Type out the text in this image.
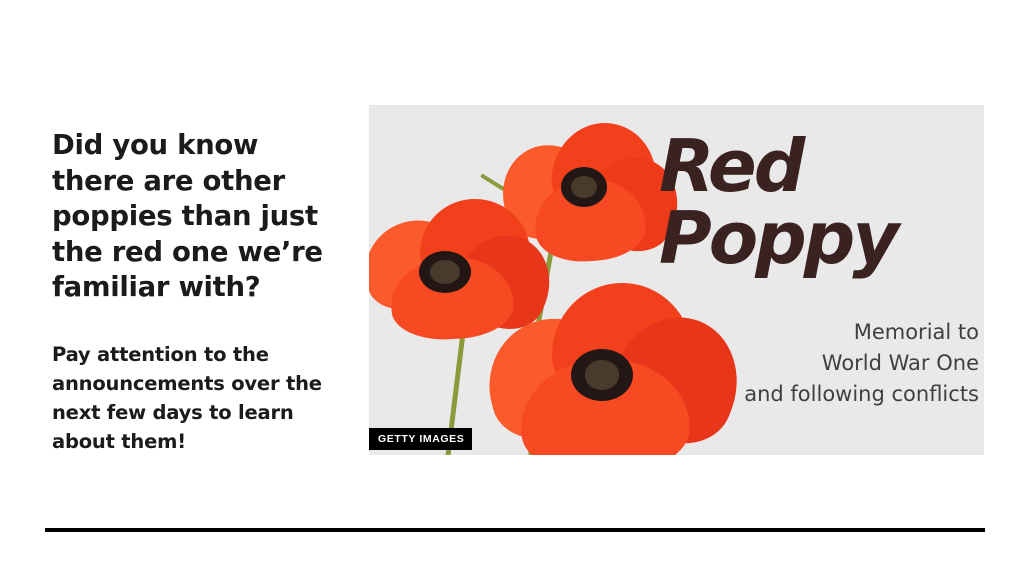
Did you know there are other poppies than just the red one we’re familiar with?

Pay attention to the announcements over the next few days to learn about them!

Red
Poppy
Memorial to
World War One
and following conflicts
GETTY IMAGES
